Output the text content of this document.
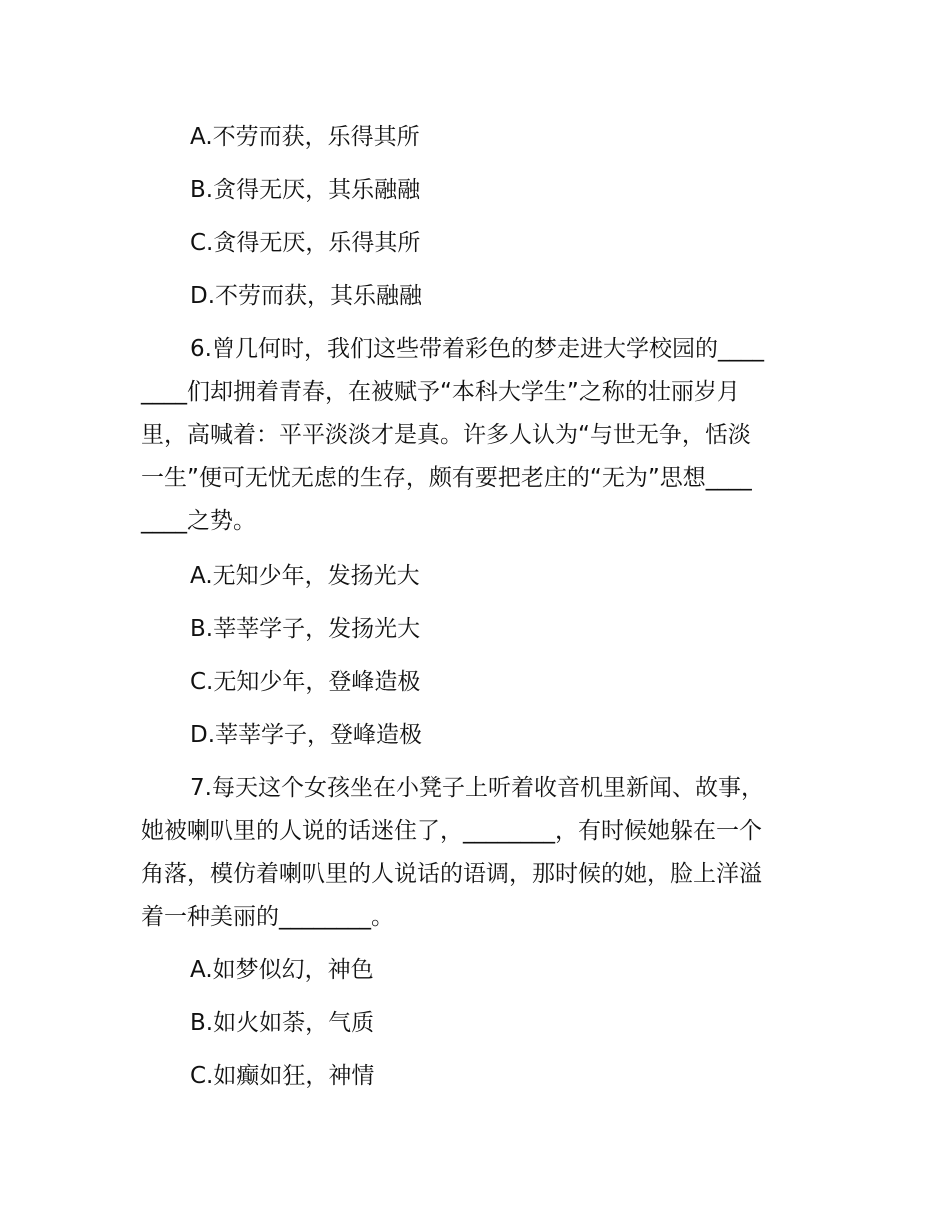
A.不劳而获，乐得其所
B.贪得无厌，其乐融融
C.贪得无厌，乐得其所
D.不劳而获，其乐融融
6.曾几何时，我们这些带着彩色的梦走进大学校园的____
____们却拥着青春，在被赋予“本科大学生”之称的壮丽岁月
里，高喊着：平平淡淡才是真。许多人认为“与世无争，恬淡
一生”便可无忧无虑的生存，颇有要把老庄的“无为”思想____
____之势。
A.无知少年，发扬光大
B.莘莘学子，发扬光大
C.无知少年，登峰造极
D.莘莘学子，登峰造极
7.每天这个女孩坐在小凳子上听着收音机里新闻、故事，
她被喇叭里的人说的话迷住了，________，有时候她躲在一个
角落，模仿着喇叭里的人说话的语调，那时候的她，脸上洋溢
着一种美丽的________。
A.如梦似幻，神色
B.如火如荼，气质
C.如癫如狂，神情
